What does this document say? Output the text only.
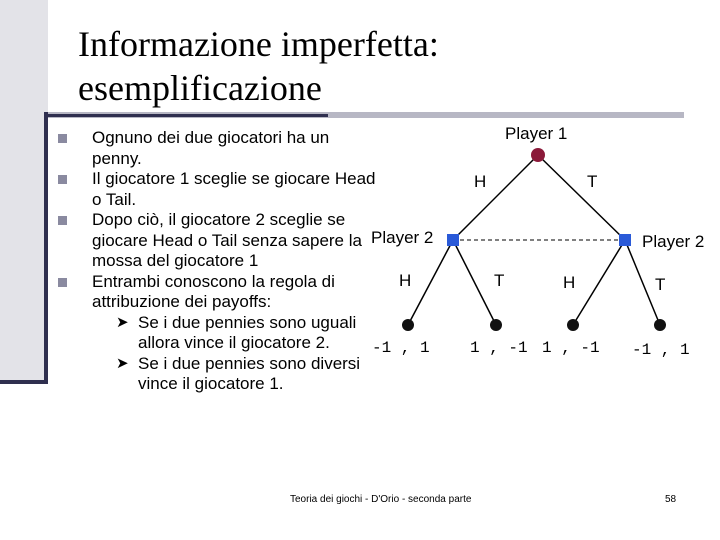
Informazione imperfetta:
esemplificazione
Ognuno dei due giocatori ha un penny.
Il giocatore 1 sceglie se giocare Head o Tail.
Dopo ciò, il giocatore 2 sceglie se giocare Head o Tail senza sapere la mossa del giocatore 1
Entrambi conoscono la regola di attribuzione dei payoffs:
➤ Se i due pennies sono uguali allora vince il giocatore 2.
➤ Se i due pennies sono diversi vince il giocatore 1.
Player 1
Player 2	Player 2
H	T
H	T	H	T
-1 , 1	1 , -1 1 , -1 -1 , 1
Teoria dei giochi - D'Orio - seconda parte	58
